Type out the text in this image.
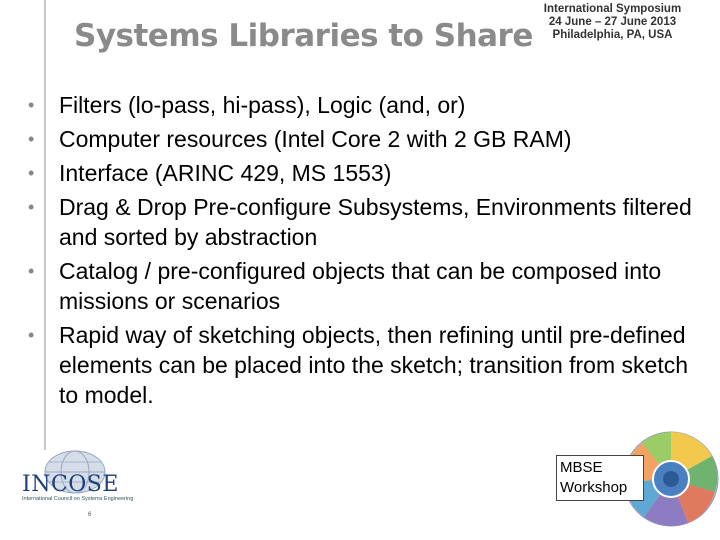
Systems Libraries to Share
International Symposium
24 June – 27 June 2013
Philadelphia, PA, USA
• Filters (lo-pass, hi-pass), Logic (and, or)
• Computer resources (Intel Core 2 with 2 GB RAM)
• Interface (ARINC 429, MS 1553)
• Drag & Drop Pre-configure Subsystems, Environments filtered and sorted by abstraction
• Catalog / pre-configured objects that can be composed into missions or scenarios
• Rapid way of sketching objects, then refining until pre-defined elements can be placed into the sketch; transition from sketch to model.
INCOSE
International Council on Systems Engineering
6
MBSE
Workshop
